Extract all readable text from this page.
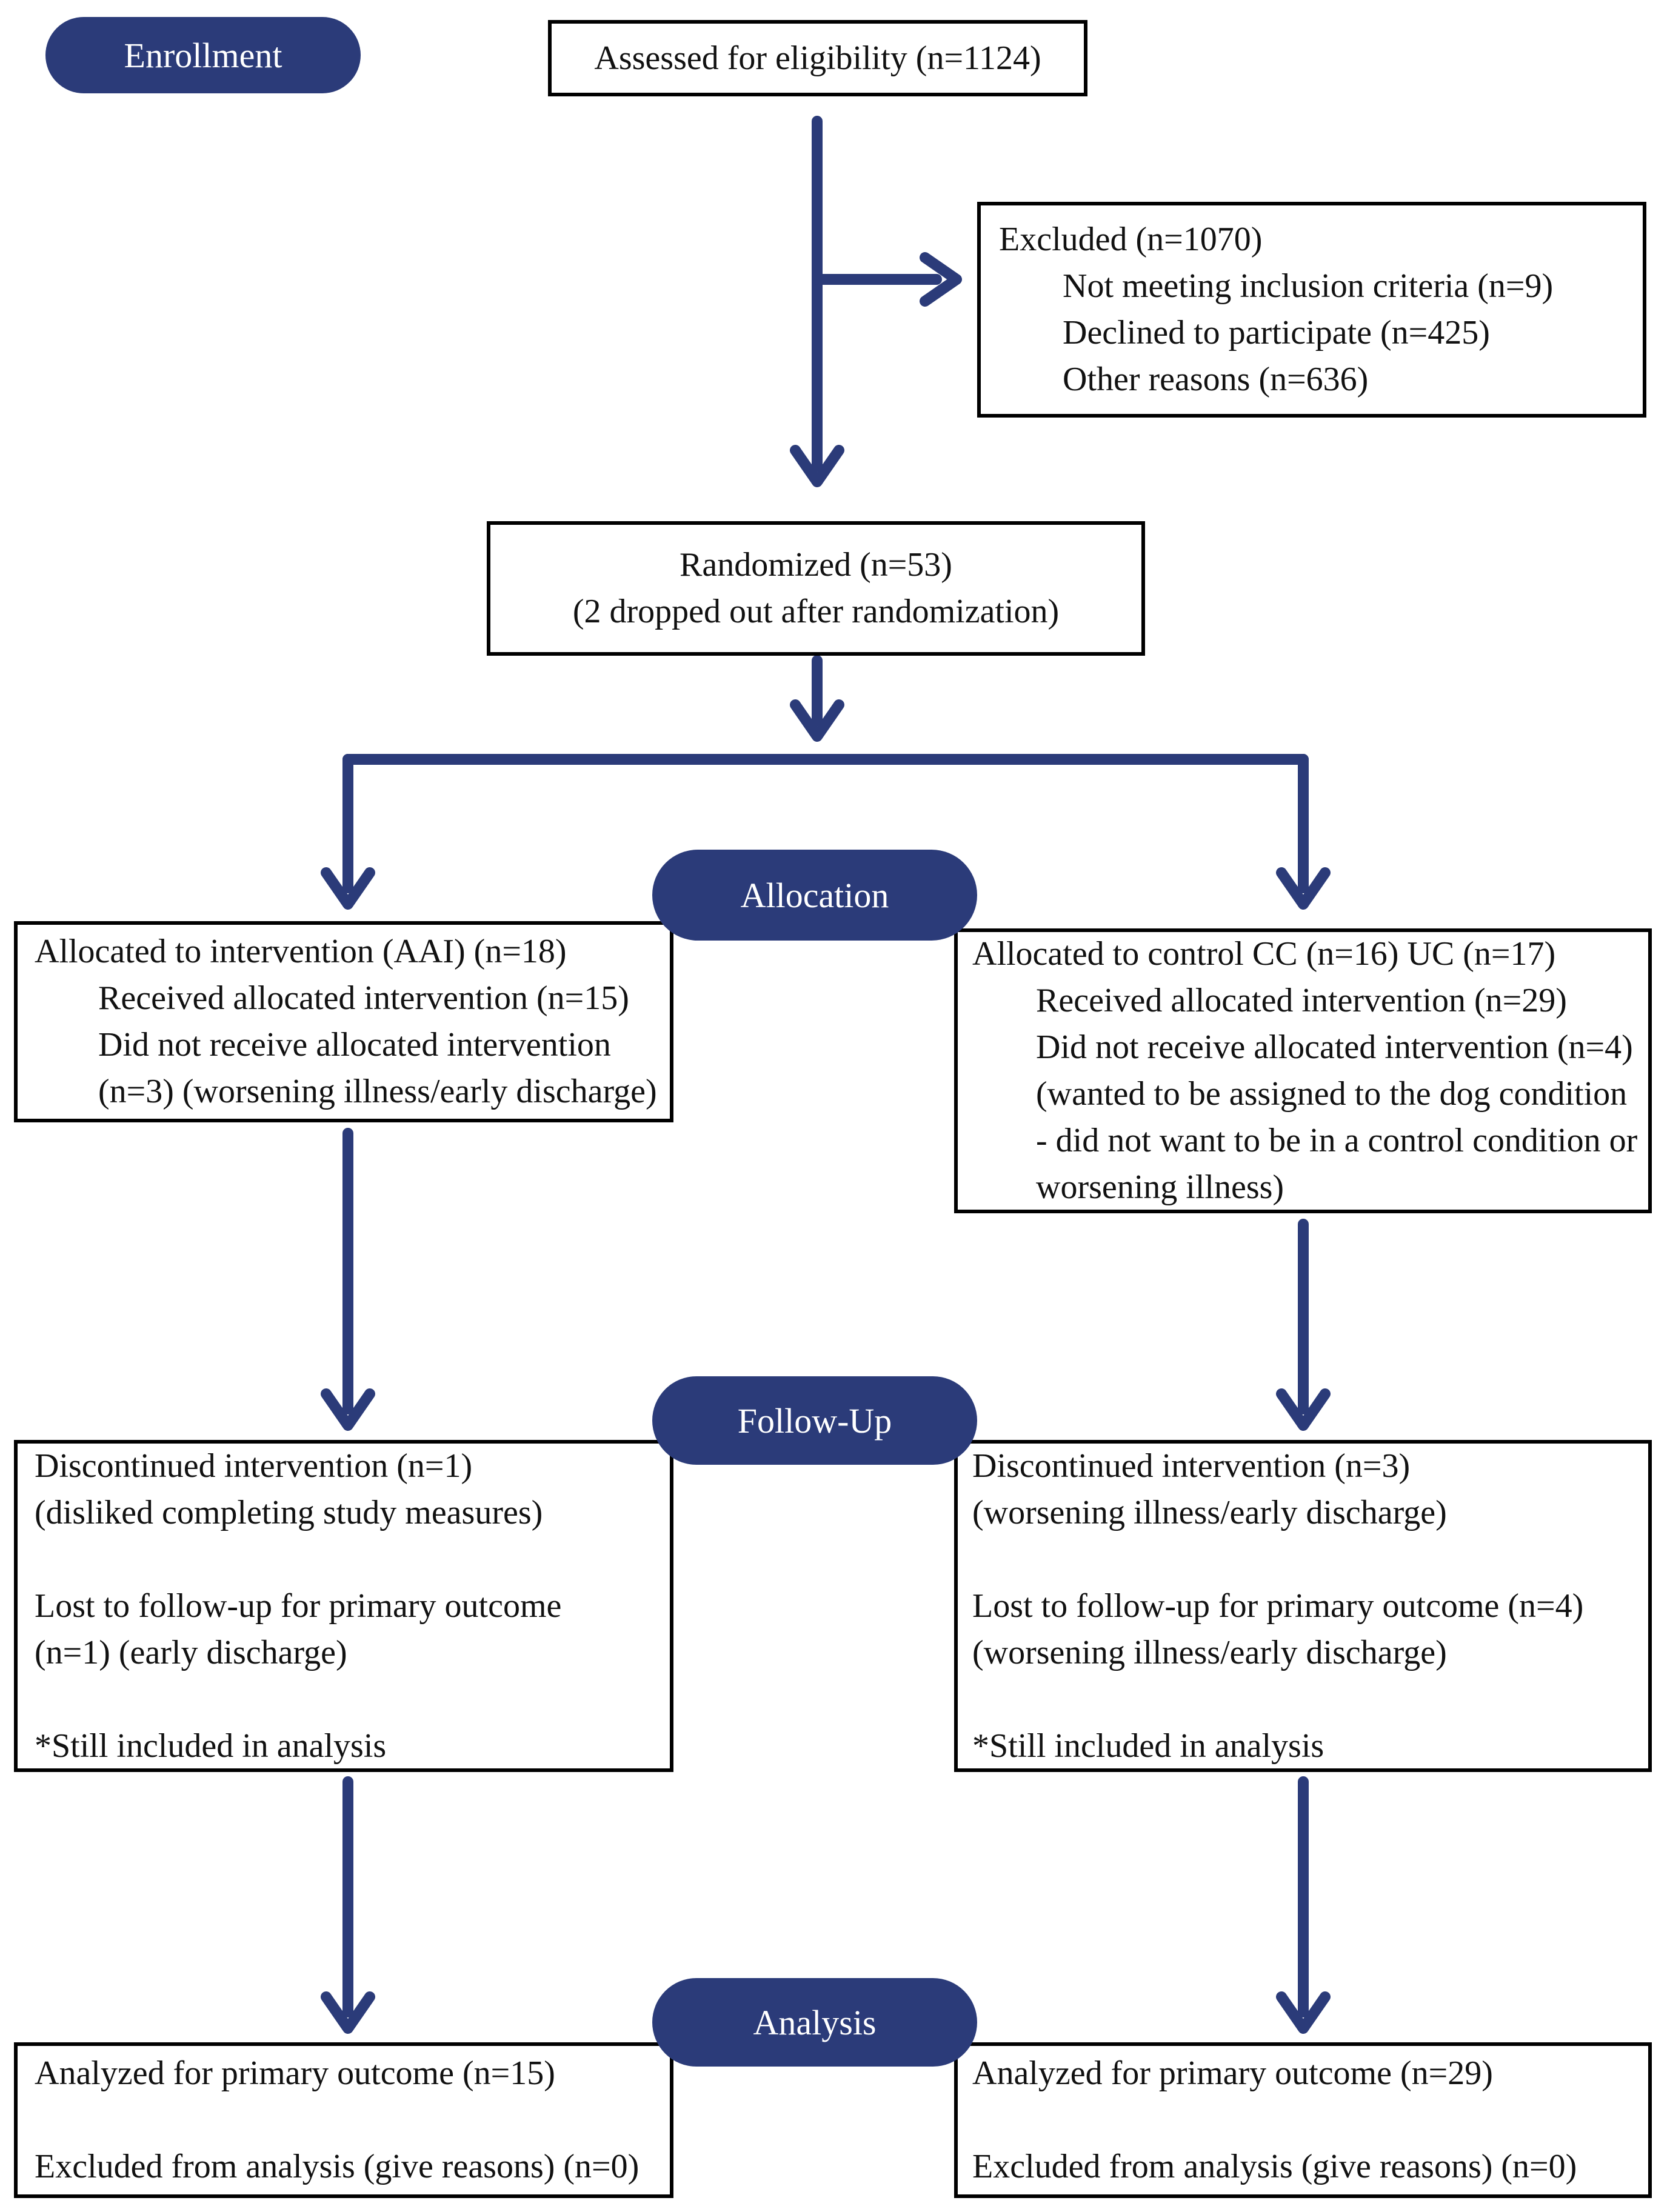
Enrollment
Allocation
Follow-Up
Analysis
Assessed for eligibility (n=1124)
Excluded (n=1070)
Not meeting inclusion criteria (n=9)
Declined to participate (n=425)
Other reasons (n=636)
Randomized (n=53)
(2 dropped out after randomization)
Allocated to intervention (AAI) (n=18)
Received allocated intervention (n=15)
Did not receive allocated intervention
(n=3) (worsening illness/early discharge)
Allocated to control CC (n=16) UC (n=17)
Received allocated intervention (n=29)
Did not receive allocated intervention (n=4)
(wanted to be assigned to the dog condition
- did not want to be in a control condition or
worsening illness)
Discontinued intervention (n=1)
(disliked completing study measures)
Lost to follow-up for primary outcome
(n=1) (early discharge)
*Still included in analysis
Discontinued intervention (n=3)
(worsening illness/early discharge)
Lost to follow-up for primary outcome (n=4)
(worsening illness/early discharge)
*Still included in analysis
Analyzed for primary outcome (n=15)
Excluded from analysis (give reasons) (n=0)
Analyzed for primary outcome (n=29)
Excluded from analysis (give reasons) (n=0)
